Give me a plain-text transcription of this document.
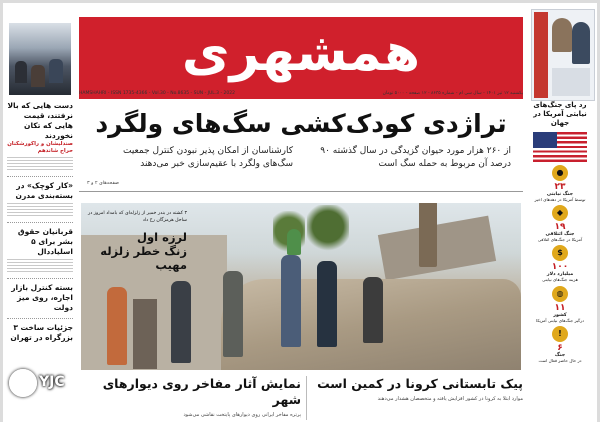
همشهری
HAMSHAHRI - ISSN 1735-4366 - Vol.30 - No.8635 - SUN - JUL.3 - 2022	یکشنبه ۱۲ تیر ۱۴۰۱ - سال سی ام - شماره ۸۶۳۵ - ۱۲ صفحه - ۵۰۰۰ تومان
دست هایی که بالا نرفتند، قیمت هایی که تکان نخوردند
صندلیشان و راکورشکنان حراج شاندهم
«کار کوچک» در بسته‌بندی مدرن
قربانیان حقوق بشر برای ۵ اسلیاددال
بسته کنترل بازار اجاره، روی میز دولت
جزئیات ساخت ۳ بزرگراه در تهران
تراژدی کودک‌کشی سگ‌های ولگرد
از ۲۶۰ هزار مورد حیوان گزیدگی در سال گذشته ۹۰ درصد آن مربوط به حمله سگ است
کارشناسان از امکان پذیر نبودن کنترل جمعیت سگ‌های ولگرد با عقیم‌سازی خبر می‌دهند
صفحه‌های ۲ و ۳
۳ کشته در بندر خمیر از زلزله‌ای که بامداد امروز در ساحل هرمزگان رخ داد
لرزه اول
زنگ خطر زلزله مهیب
پیک تابستانی کرونا در کمین است
موارد ابتلا به کرونا در کشور افزایش یافته و متخصصان هشدار می‌دهند
نمایش آثار مفاخر روی دیوارهای شهر
پرتره مفاخر ایرانی روی دیوارهای پایتخت نقاشی می‌شود
رد پای جنگ‌های نیابتی آمریکا در جهان
●
۲۳
جنگ نیابتی
توسط آمریکا در دهه‌های اخیر
◆
۱۹
جنگ ائتلافی
آمریکا در جنگ‌های ائتلافی
$
۱۰۰
میلیارد دلار
هزینه جنگ‌های نیابتی
◍
۱۱
کشور
درگیر جنگ‌های نیابتی آمریکا
!
۶
جنگ
در حال حاضر فعال است
YJC
